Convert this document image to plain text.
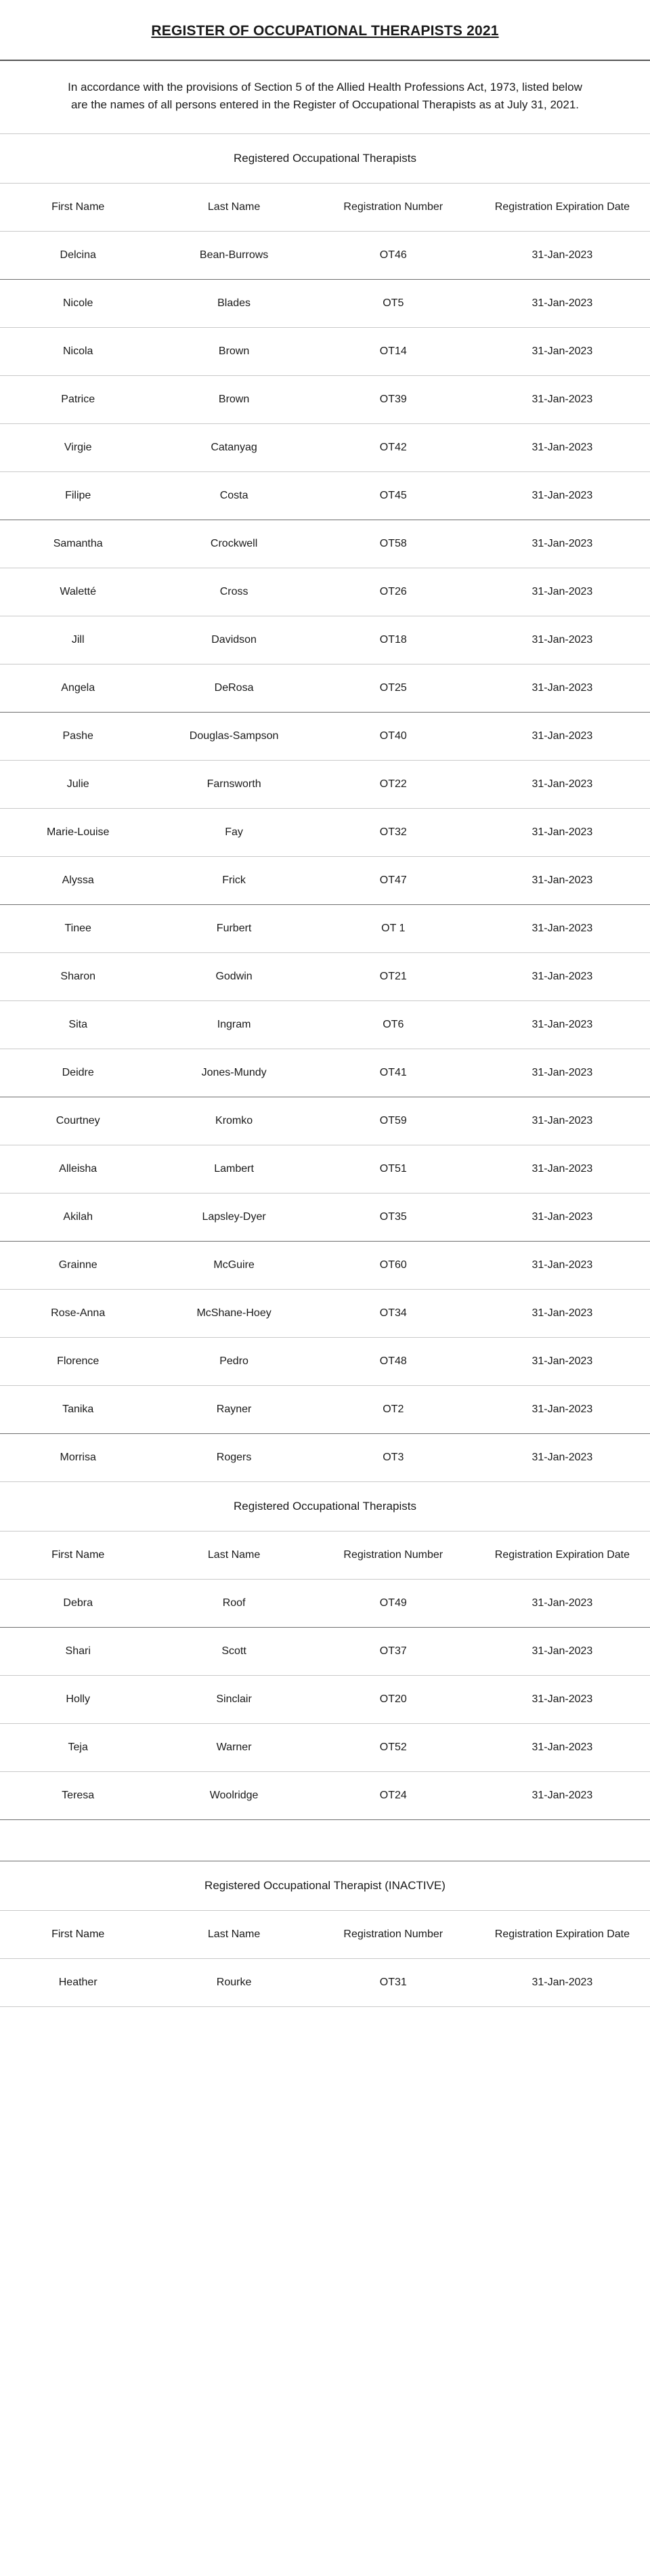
REGISTER OF OCCUPATIONAL THERAPISTS 2021
In accordance with the provisions of Section 5 of the Allied Health Professions Act, 1973, listed below are the names of all persons entered in the Register of Occupational Therapists as at July 31, 2021.
Registered Occupational Therapists
First Name	Last Name	Registration Number	Registration Expiration Date
Delcina	Bean-Burrows	OT46	31-Jan-2023
Nicole	Blades	OT5	31-Jan-2023
Nicola	Brown	OT14	31-Jan-2023
Patrice	Brown	OT39	31-Jan-2023
Virgie	Catanyag	OT42	31-Jan-2023
Filipe	Costa	OT45	31-Jan-2023
Samantha	Crockwell	OT58	31-Jan-2023
Waletté	Cross	OT26	31-Jan-2023
Jill	Davidson	OT18	31-Jan-2023
Angela	DeRosa	OT25	31-Jan-2023
Pashe	Douglas-Sampson	OT40	31-Jan-2023
Julie	Farnsworth	OT22	31-Jan-2023
Marie-Louise	Fay	OT32	31-Jan-2023
Alyssa	Frick	OT47	31-Jan-2023
Tinee	Furbert	OT 1	31-Jan-2023
Sharon	Godwin	OT21	31-Jan-2023
Sita	Ingram	OT6	31-Jan-2023
Deidre	Jones-Mundy	OT41	31-Jan-2023
Courtney	Kromko	OT59	31-Jan-2023
Alleisha	Lambert	OT51	31-Jan-2023
Akilah	Lapsley-Dyer	OT35	31-Jan-2023
Grainne	McGuire	OT60	31-Jan-2023
Rose-Anna	McShane-Hoey	OT34	31-Jan-2023
Florence	Pedro	OT48	31-Jan-2023
Tanika	Rayner	OT2	31-Jan-2023
Morrisa	Rogers	OT3	31-Jan-2023
Registered Occupational Therapists
First Name	Last Name	Registration Number	Registration Expiration Date
Debra	Roof	OT49	31-Jan-2023
Shari	Scott	OT37	31-Jan-2023
Holly	Sinclair	OT20	31-Jan-2023
Teja	Warner	OT52	31-Jan-2023
Teresa	Woolridge	OT24	31-Jan-2023
Registered Occupational Therapist (INACTIVE)
First Name	Last Name	Registration Number	Registration Expiration Date
Heather	Rourke	OT31	31-Jan-2023
